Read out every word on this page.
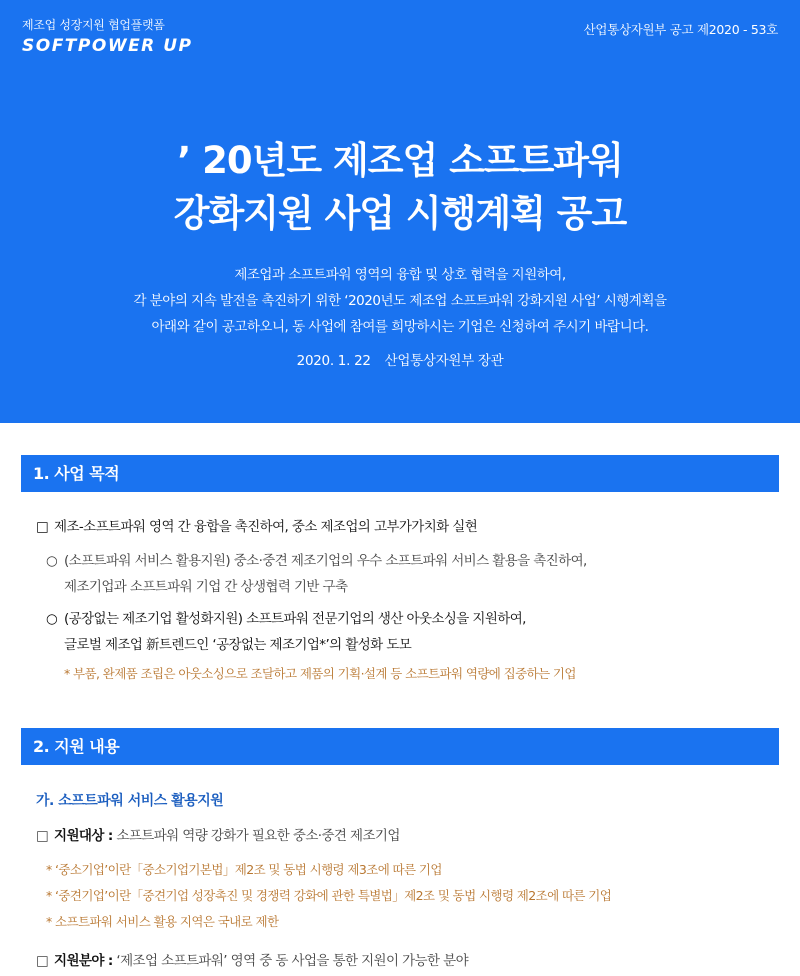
제조업 성장지원 협업플랫폼
SOFTPOWER UP
산업통상자원부 공고 제2020 - 53호
’ 20년도 제조업 소프트파워
강화지원 사업 시행계획 공고
제조업과 소프트파워 영역의 융합 및 상호 협력을 지원하여,
각 분야의 지속 발전을 촉진하기 위한 ‘2020년도 제조업 소프트파워 강화지원 사업’ 시행계획을
아래와 같이 공고하오니, 동 사업에 참여를 희망하시는 기업은 신청하여 주시기 바랍니다.
2020. 1. 22 산업통상자원부 장관
1. 사업 목적
□ 제조-소프트파워 영역 간 융합을 촉진하여, 중소 제조업의 고부가가치화 실현
○ (소프트파워 서비스 활용지원) 중소·중견 제조기업의 우수 소프트파워 서비스 활용을 촉진하여,
제조기업과 소프트파워 기업 간 상생협력 기반 구축
○ (공장없는 제조기업 활성화지원) 소프트파워 전문기업의 생산 아웃소싱을 지원하여,
글로벌 제조업 新트렌드인 ‘공장없는 제조기업*’의 활성화 도모
* 부품, 완제품 조립은 아웃소싱으로 조달하고 제품의 기획·설계 등 소프트파워 역량에 집중하는 기업
2. 지원 내용
가. 소프트파워 서비스 활용지원
□ 지원대상 : 소프트파워 역량 강화가 필요한 중소·중견 제조기업
* ‘중소기업’이란「중소기업기본법」제2조 및 동법 시행령 제3조에 따른 기업
* ‘중견기업’이란「중견기업 성장촉진 및 경쟁력 강화에 관한 특별법」제2조 및 동법 시행령 제2조에 따른 기업
* 소프트파워 서비스 활용 지역은 국내로 제한
□ 지원분야 : ‘제조업 소프트파워’ 영역 중 동 사업을 통한 지원이 가능한 분야
